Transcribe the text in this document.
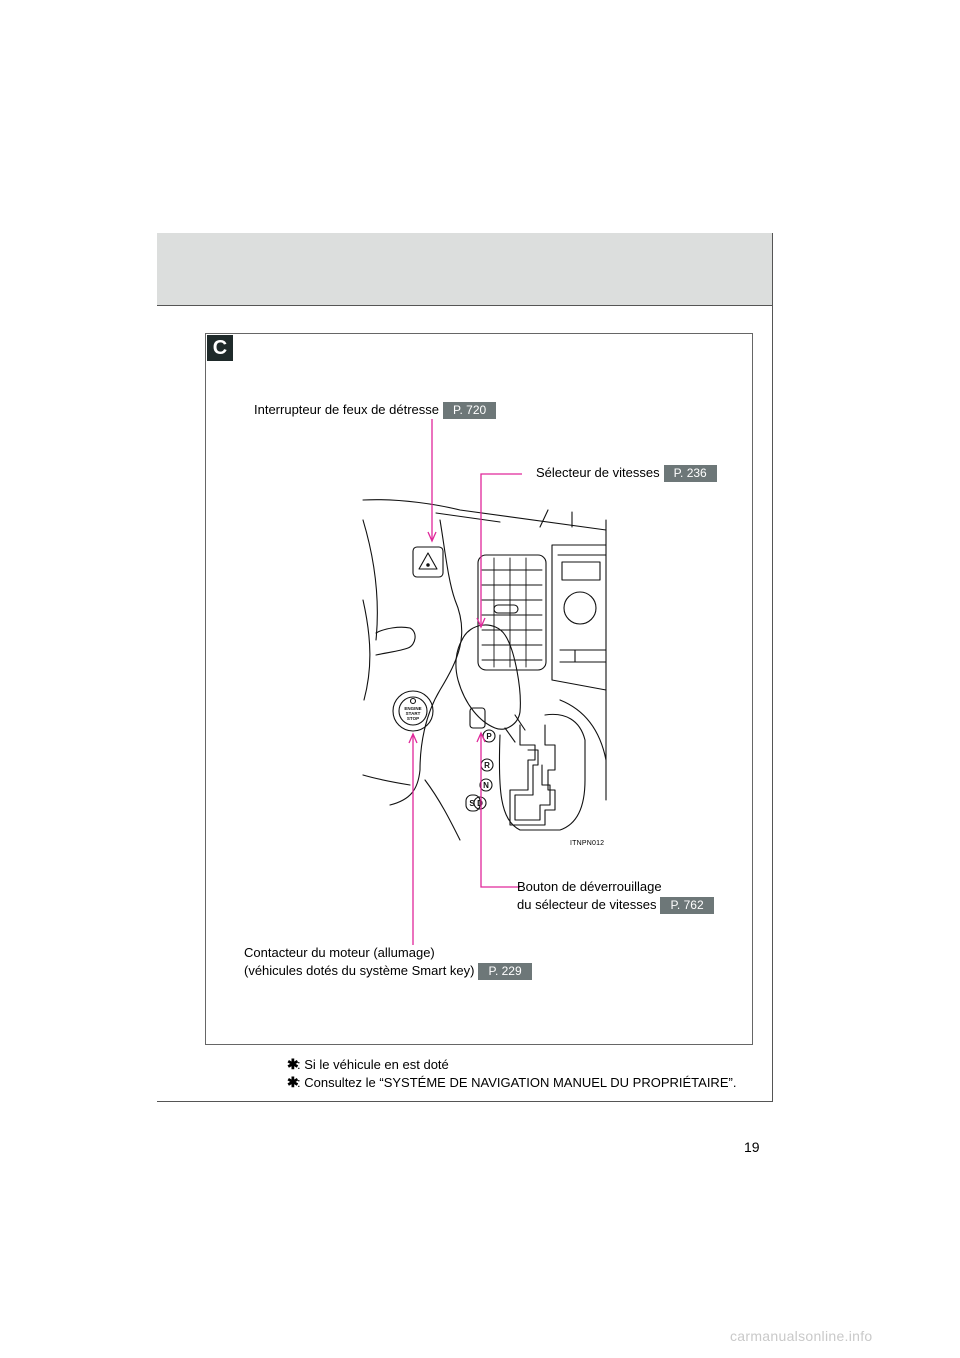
C
P
R
N
D
S
ENGINE
START
STOP
ITNPN012
Interrupteur de feux de détresse P. 720
Sélecteur de vitesses P. 236
Bouton de déverrouillage
du sélecteur de vitesses P. 762
Contacteur du moteur (allumage)
(véhicules dotés du système Smart key) P. 229
✱: Si le véhicule en est doté
✱: Consultez le “SYSTÉME DE NAVIGATION MANUEL DU PROPRIÉTAIRE”.
19
carmanualsonline.info
